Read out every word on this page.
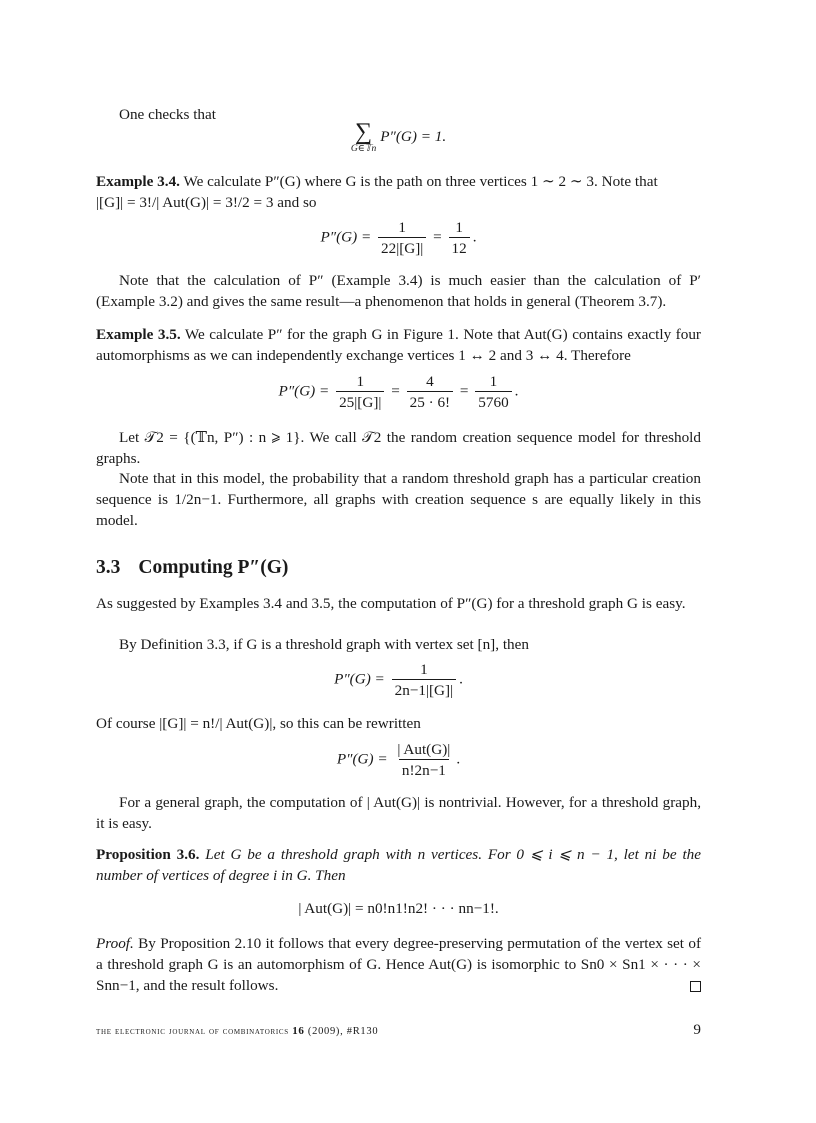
One checks that

∑
G∈𝕋n
P″(G) = 1.

Example 3.4. We calculate P″(G) where G is the path on three vertices 1 ∼ 2 ∼ 3. Note that

|[G]| = 3!/| Aut(G)| = 3!/2 = 3 and so

$P''(G) = \frac{1}{22|[G]|} = \frac{1}{12}$ .

Note that the calculation of P″ (Example 3.4) is much easier than the calculation of P′ (Example 3.2) and gives the same result—a phenomenon that holds in general (Theorem 3.7).

Example 3.5. We calculate P″ for the graph G in Figure 1. Note that Aut(G) contains exactly four automorphisms as we can independently exchange vertices 1 ↔ 2 and 3 ↔ 4. Therefore

$P''(G) = \frac{1}{25|[G]|} = \frac{4}{25 \cdot 6!} = \frac{1}{5760}$ .

Let 𝒯2 = {(𝕋n, P″) : n ⩾ 1}. We call 𝒯2 the random creation sequence model for threshold graphs.

Note that in this model, the probability that a random threshold graph has a particular creation sequence is 1/2n−1. Furthermore, all graphs with creation sequence s are equally likely in this model.

3.3 Computing P″(G)

As suggested by Examples 3.4 and 3.5, the computation of P″(G) for a threshold graph G is easy.

By Definition 3.3, if G is a threshold graph with vertex set [n], then

$P''(G) = \frac{1}{2n-1|[G]|}$ .

Of course |[G]| = n!/| Aut(G)|, so this can be rewritten

$P''(G) = \frac{\text{| Aut(G)|}}{n!2n-1}$ .

For a general graph, the computation of | Aut(G)| is nontrivial. However, for a threshold graph, it is easy.

Proposition 3.6. Let G be a threshold graph with n vertices. For 0 ⩽ i ⩽ n − 1, let ni be the number of vertices of degree i in G. Then

| Aut(G)| = n0!n1!n2! · · · nn−1!.

Proof. By Proposition 2.10 it follows that every degree-preserving permutation of the vertex set of a threshold graph G is an automorphism of G. Hence Aut(G) is isomorphic to Sn0 × Sn1 × · · · × Snn−1, and the result follows.

the electronic journal of combinatorics 16 (2009), #R130	9
